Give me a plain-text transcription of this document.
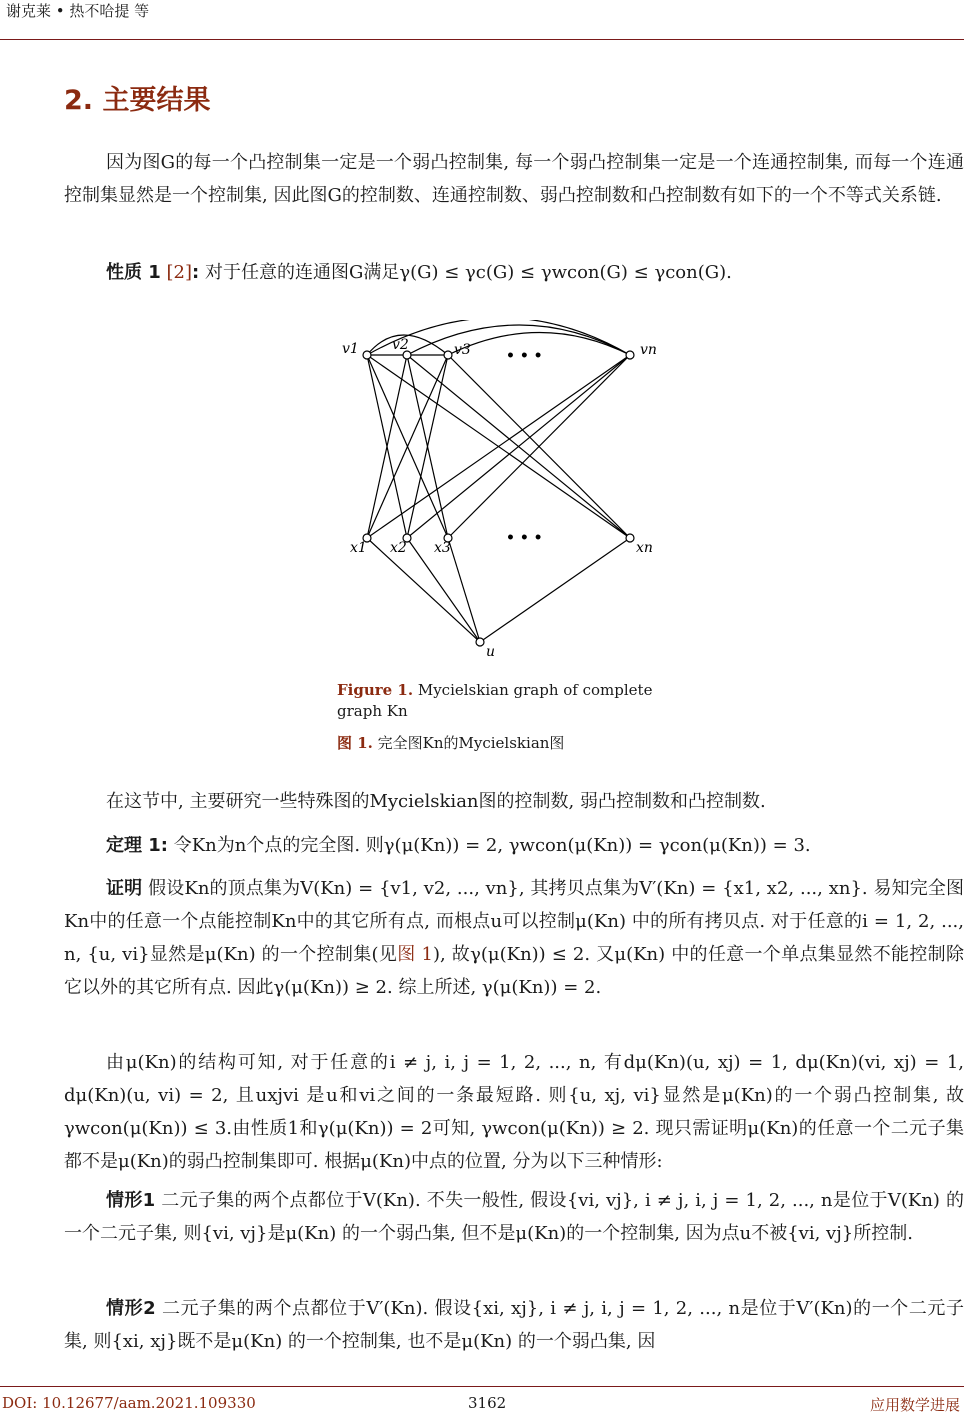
谢克莱 • 热不哈提 等
2. 主要结果
因为图G的每一个凸控制集一定是一个弱凸控制集, 每一个弱凸控制集一定是一个连通控制集, 而每一个连通控制集显然是一个控制集, 因此图G的控制数、连通控制数、弱凸控制数和凸控制数有如下的一个不等式关系链.
性质 1 [2]: 对于任意的连通图G满足γ(G) ≤ γc(G) ≤ γwcon(G) ≤ γcon(G).
v1 v2	v3	vn
x1 x2 x3	xn
u
• • •
• • •
Figure 1. Mycielskian graph of complete graph Kn
图 1. 完全图Kn的Mycielskian图
在这节中, 主要研究一些特殊图的Mycielskian图的控制数, 弱凸控制数和凸控制数.
定理 1: 令Kn为n个点的完全图. 则γ(μ(Kn)) = 2, γwcon(μ(Kn)) = γcon(μ(Kn)) = 3.
证明 假设Kn的顶点集为V(Kn) = {v1, v2, ..., vn}, 其拷贝点集为V′(Kn) = {x1, x2, ..., xn}. 易知完全图Kn中的任意一个点能控制Kn中的其它所有点, 而根点u可以控制μ(Kn) 中的所有拷贝点. 对于任意的i = 1, 2, ..., n, {u, vi}显然是μ(Kn) 的一个控制集(见图 1), 故γ(μ(Kn)) ≤ 2. 又μ(Kn) 中的任意一个单点集显然不能控制除它以外的其它所有点. 因此γ(μ(Kn)) ≥ 2. 综上所述, γ(μ(Kn)) = 2.
由μ(Kn)的结构可知, 对于任意的i ≠ j, i, j = 1, 2, ..., n, 有dμ(Kn)(u, xj) = 1, dμ(Kn)(vi, xj) = 1, dμ(Kn)(u, vi) = 2, 且uxjvi 是u和vi之间的一条最短路. 则{u, xj, vi}显然是μ(Kn)的一个弱凸控制集, 故γwcon(μ(Kn)) ≤ 3.由性质1和γ(μ(Kn)) = 2可知, γwcon(μ(Kn)) ≥ 2. 现只需证明μ(Kn)的任意一个二元子集都不是μ(Kn)的弱凸控制集即可. 根据μ(Kn)中点的位置, 分为以下三种情形:
情形1 二元子集的两个点都位于V(Kn). 不失一般性, 假设{vi, vj}, i ≠ j, i, j = 1, 2, ..., n是位于V(Kn) 的一个二元子集, 则{vi, vj}是μ(Kn) 的一个弱凸集, 但不是μ(Kn)的一个控制集, 因为点u不被{vi, vj}所控制.
情形2 二元子集的两个点都位于V′(Kn). 假设{xi, xj}, i ≠ j, i, j = 1, 2, ..., n是位于V′(Kn)的一个二元子集, 则{xi, xj}既不是μ(Kn) 的一个控制集, 也不是μ(Kn) 的一个弱凸集, 因
DOI: 10.12677/aam.2021.109330	3162	应用数学进展
